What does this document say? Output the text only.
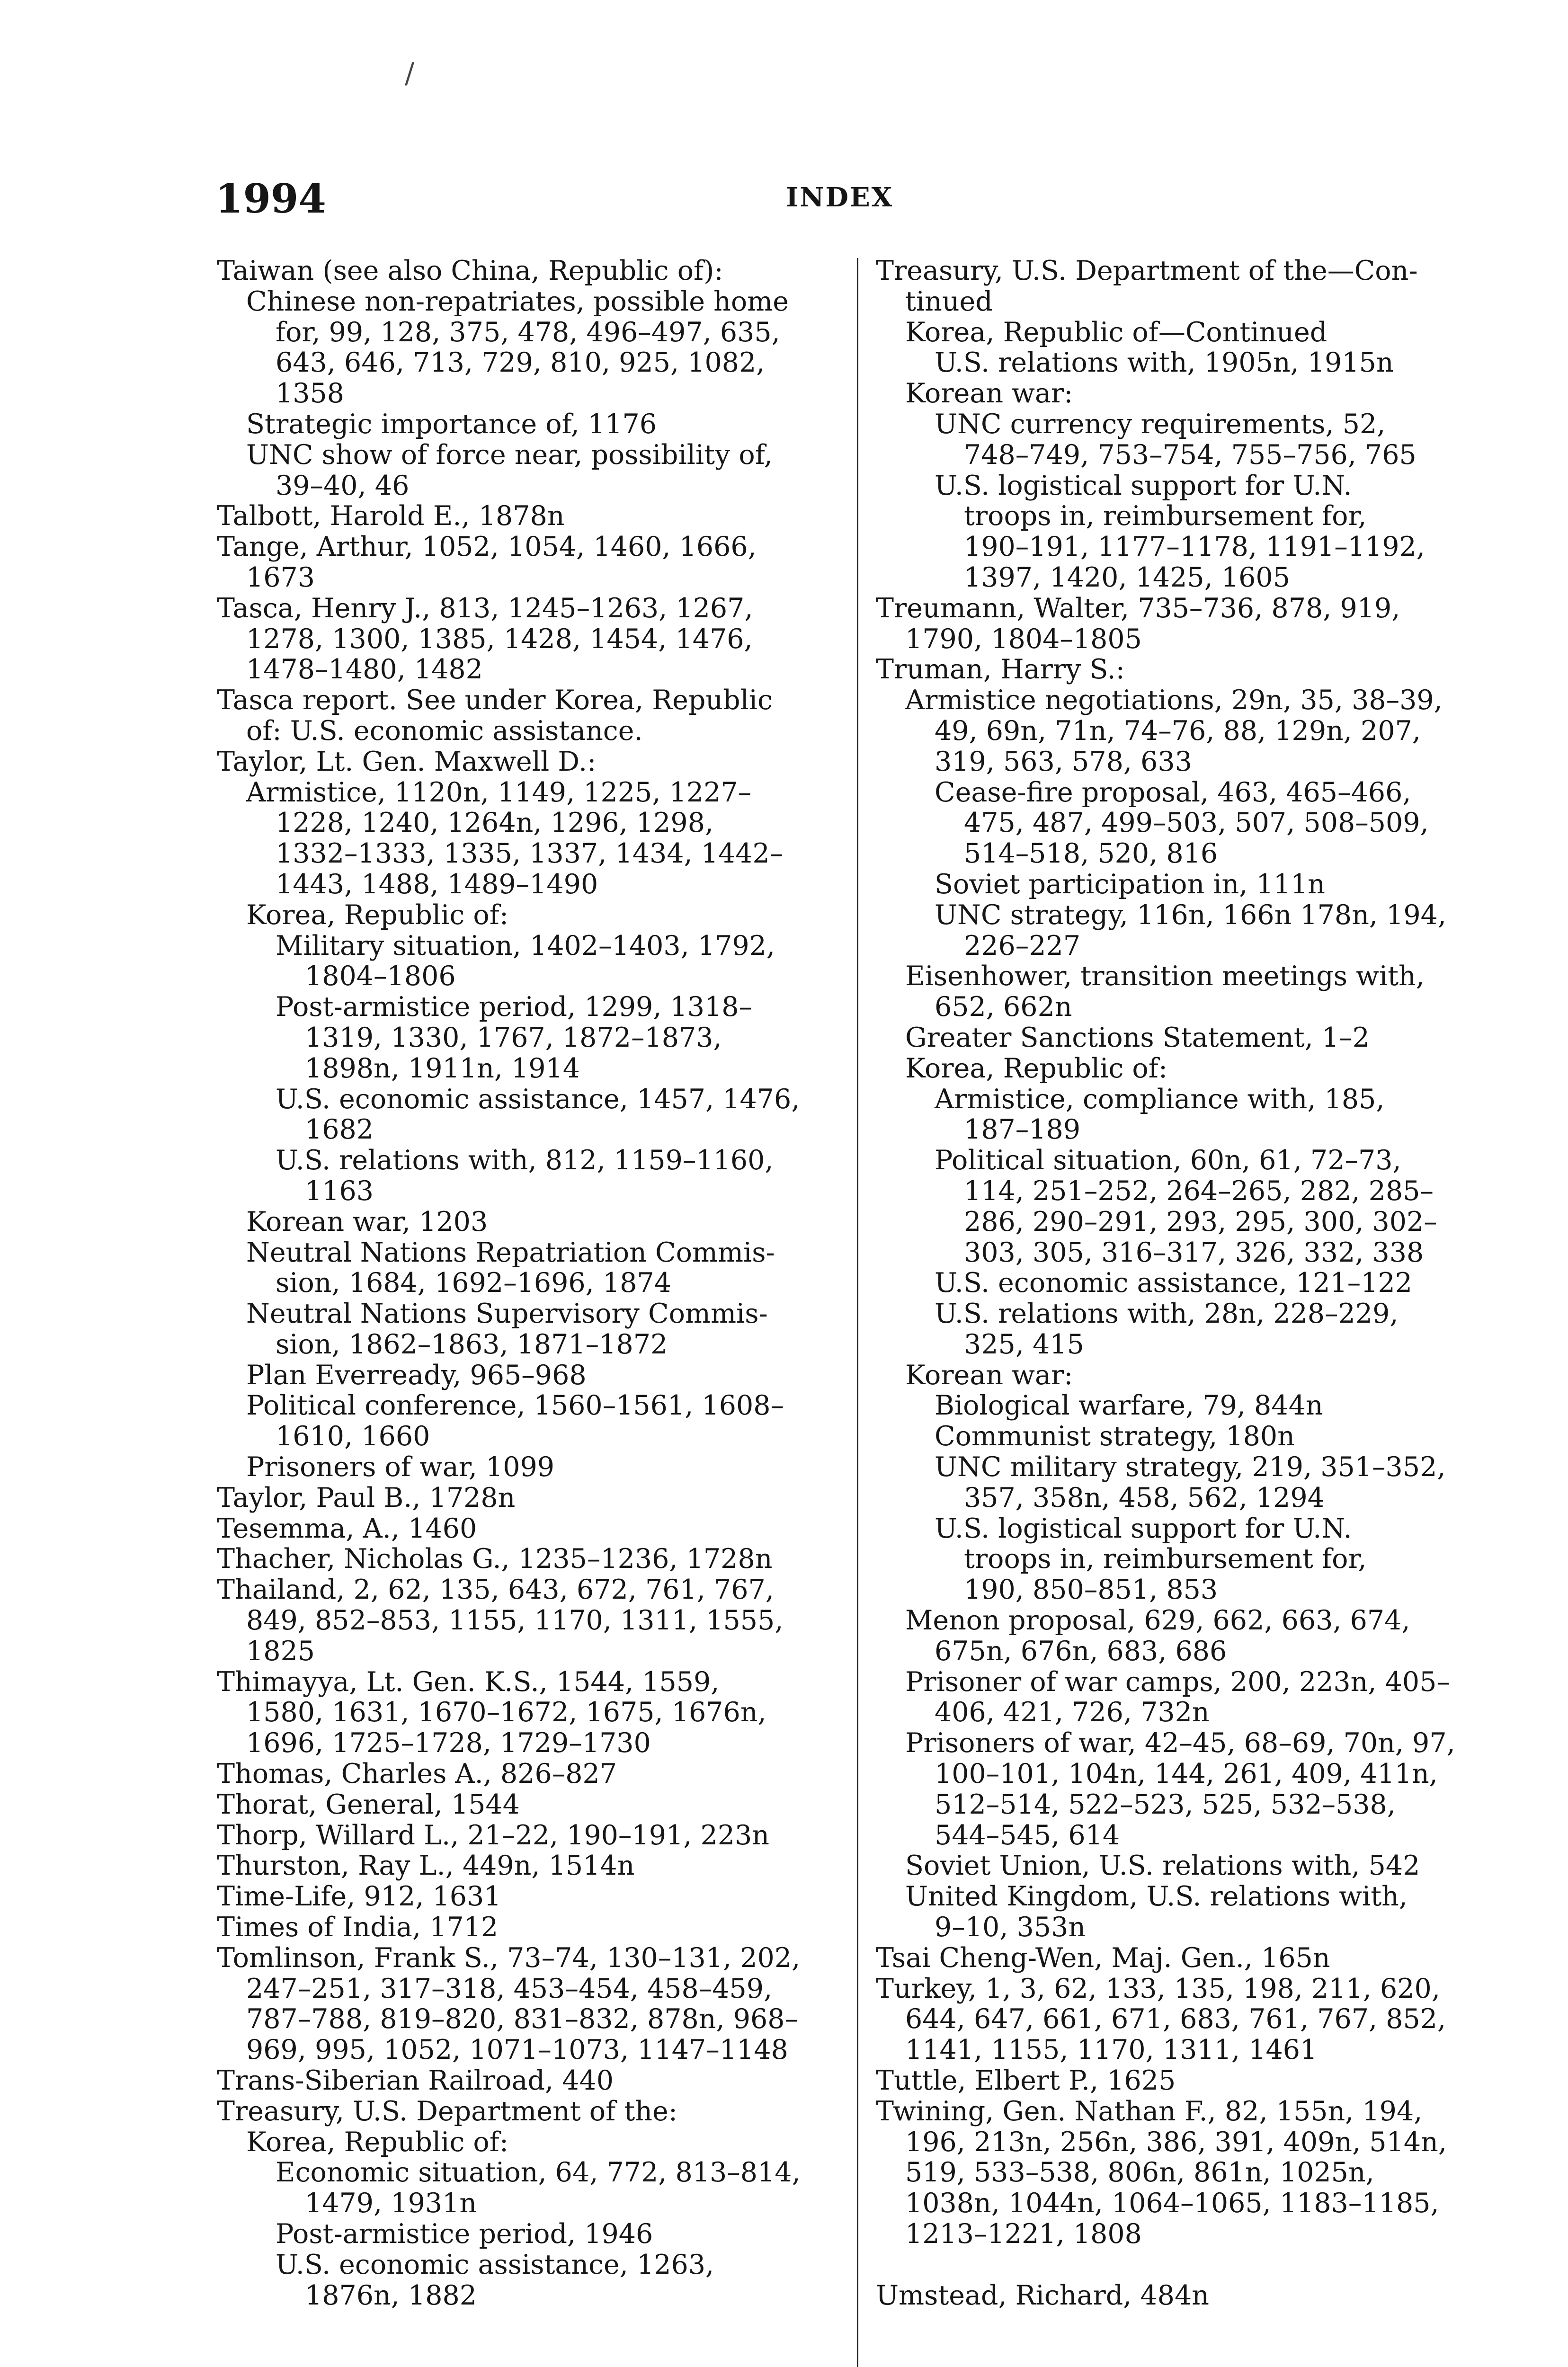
/
1994	INDEX
Taiwan (see also China, Republic of):
Chinese non-repatriates, possible home
for, 99, 128, 375, 478, 496–497, 635,
643, 646, 713, 729, 810, 925, 1082,
1358
Strategic importance of, 1176
UNC show of force near, possibility of,
39–40, 46
Talbott, Harold E., 1878n
Tange, Arthur, 1052, 1054, 1460, 1666,
1673
Tasca, Henry J., 813, 1245–1263, 1267,
1278, 1300, 1385, 1428, 1454, 1476,
1478–1480, 1482
Tasca report. See under Korea, Republic
of: U.S. economic assistance.
Taylor, Lt. Gen. Maxwell D.:
Armistice, 1120n, 1149, 1225, 1227–
1228, 1240, 1264n, 1296, 1298,
1332–1333, 1335, 1337, 1434, 1442–
1443, 1488, 1489–1490
Korea, Republic of:
Military situation, 1402–1403, 1792,
1804–1806
Post-armistice period, 1299, 1318–
1319, 1330, 1767, 1872–1873,
1898n, 1911n, 1914
U.S. economic assistance, 1457, 1476,
1682
U.S. relations with, 812, 1159–1160,
1163
Korean war, 1203
Neutral Nations Repatriation Commis-
sion, 1684, 1692–1696, 1874
Neutral Nations Supervisory Commis-
sion, 1862–1863, 1871–1872
Plan Everready, 965–968
Political conference, 1560–1561, 1608–
1610, 1660
Prisoners of war, 1099
Taylor, Paul B., 1728n
Tesemma, A., 1460
Thacher, Nicholas G., 1235–1236, 1728n
Thailand, 2, 62, 135, 643, 672, 761, 767,
849, 852–853, 1155, 1170, 1311, 1555,
1825
Thimayya, Lt. Gen. K.S., 1544, 1559,
1580, 1631, 1670–1672, 1675, 1676n,
1696, 1725–1728, 1729–1730
Thomas, Charles A., 826–827
Thorat, General, 1544
Thorp, Willard L., 21–22, 190–191, 223n
Thurston, Ray L., 449n, 1514n
Time-Life, 912, 1631
Times of India, 1712
Tomlinson, Frank S., 73–74, 130–131, 202,
247–251, 317–318, 453–454, 458–459,
787–788, 819–820, 831–832, 878n, 968–
969, 995, 1052, 1071–1073, 1147–1148
Trans-Siberian Railroad, 440
Treasury, U.S. Department of the:
Korea, Republic of:
Economic situation, 64, 772, 813–814,
1479, 1931n
Post-armistice period, 1946
U.S. economic assistance, 1263,
1876n, 1882
Treasury, U.S. Department of the—Con-
tinued
Korea, Republic of—Continued
U.S. relations with, 1905n, 1915n
Korean war:
UNC currency requirements, 52,
748–749, 753–754, 755–756, 765
U.S. logistical support for U.N.
troops in, reimbursement for,
190–191, 1177–1178, 1191–1192,
1397, 1420, 1425, 1605
Treumann, Walter, 735–736, 878, 919,
1790, 1804–1805
Truman, Harry S.:
Armistice negotiations, 29n, 35, 38–39,
49, 69n, 71n, 74–76, 88, 129n, 207,
319, 563, 578, 633
Cease-fire proposal, 463, 465–466,
475, 487, 499–503, 507, 508–509,
514–518, 520, 816
Soviet participation in, 111n
UNC strategy, 116n, 166n 178n, 194,
226–227
Eisenhower, transition meetings with,
652, 662n
Greater Sanctions Statement, 1–2
Korea, Republic of:
Armistice, compliance with, 185,
187–189
Political situation, 60n, 61, 72–73,
114, 251–252, 264–265, 282, 285–
286, 290–291, 293, 295, 300, 302–
303, 305, 316–317, 326, 332, 338
U.S. economic assistance, 121–122
U.S. relations with, 28n, 228–229,
325, 415
Korean war:
Biological warfare, 79, 844n
Communist strategy, 180n
UNC military strategy, 219, 351–352,
357, 358n, 458, 562, 1294
U.S. logistical support for U.N.
troops in, reimbursement for,
190, 850–851, 853
Menon proposal, 629, 662, 663, 674,
675n, 676n, 683, 686
Prisoner of war camps, 200, 223n, 405–
406, 421, 726, 732n
Prisoners of war, 42–45, 68–69, 70n, 97,
100–101, 104n, 144, 261, 409, 411n,
512–514, 522–523, 525, 532–538,
544–545, 614
Soviet Union, U.S. relations with, 542
United Kingdom, U.S. relations with,
9–10, 353n
Tsai Cheng-Wen, Maj. Gen., 165n
Turkey, 1, 3, 62, 133, 135, 198, 211, 620,
644, 647, 661, 671, 683, 761, 767, 852,
1141, 1155, 1170, 1311, 1461
Tuttle, Elbert P., 1625
Twining, Gen. Nathan F., 82, 155n, 194,
196, 213n, 256n, 386, 391, 409n, 514n,
519, 533–538, 806n, 861n, 1025n,
1038n, 1044n, 1064–1065, 1183–1185,
1213–1221, 1808
Umstead, Richard, 484n
